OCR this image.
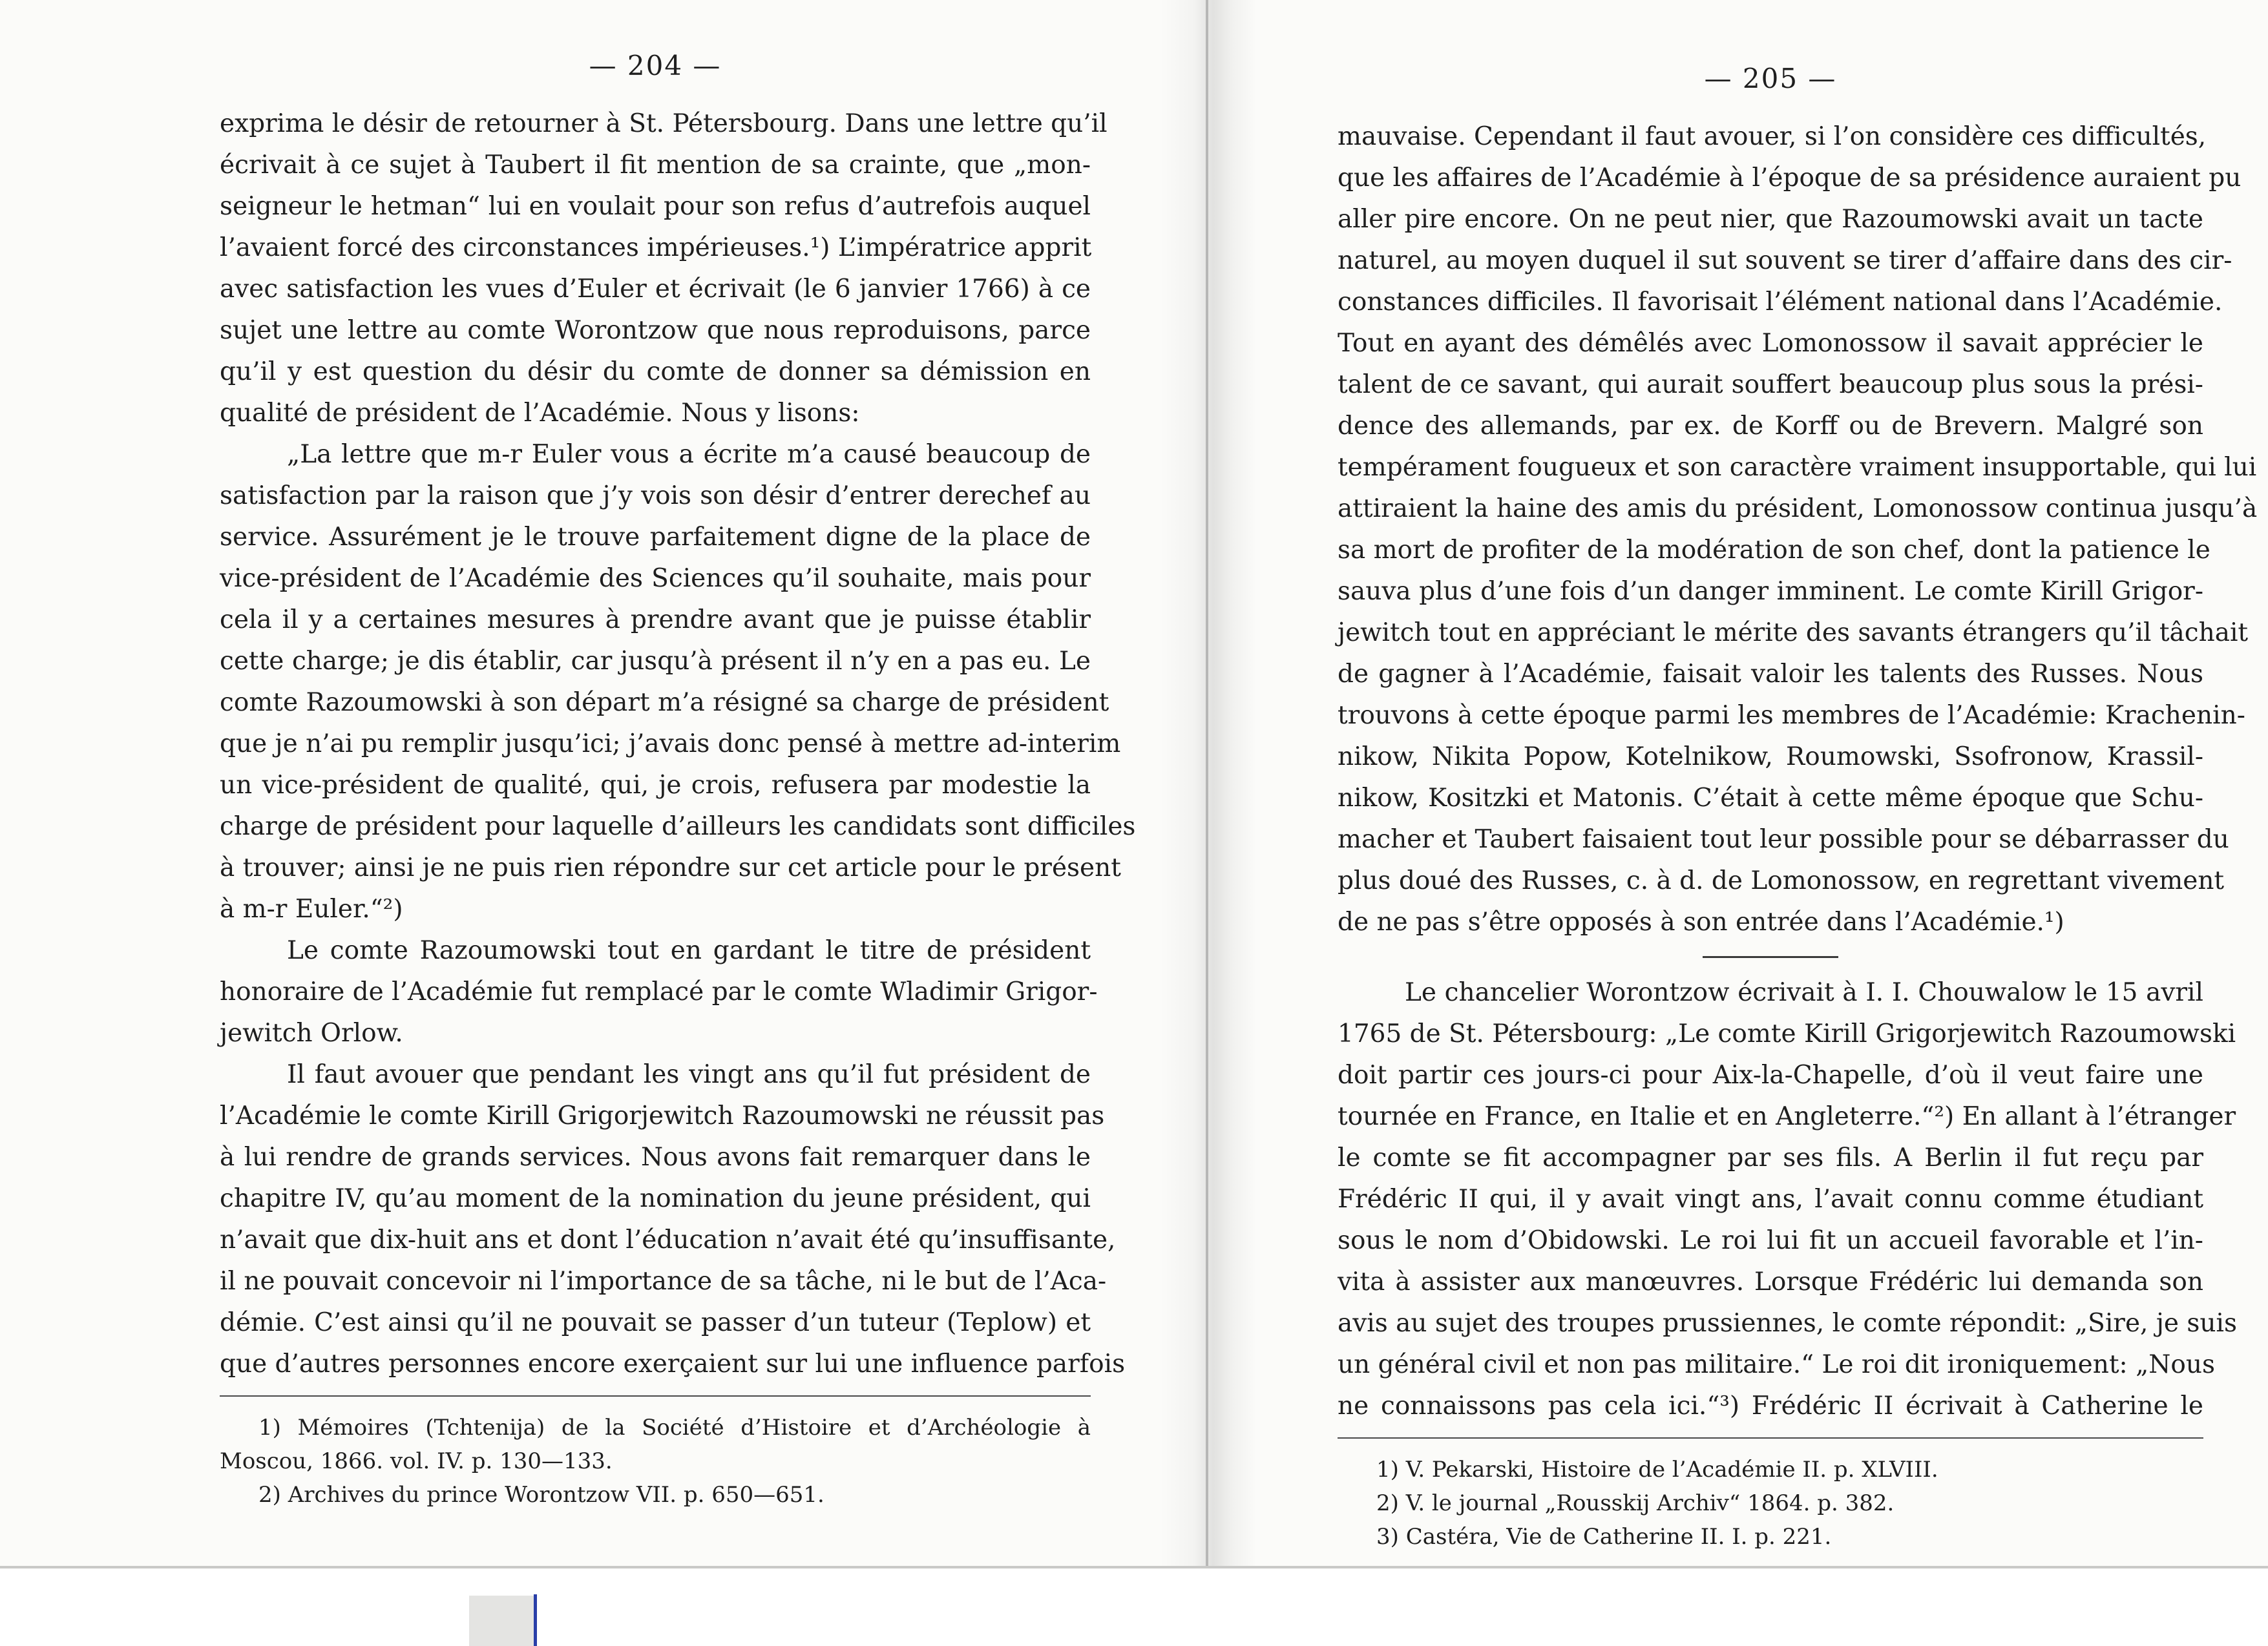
— 204 —
exprima le désir de retourner à St. Pétersbourg. Dans une lettre qu’il
écrivait à ce sujet à Taubert il fit mention de sa crainte, que „mon-
seigneur le hetman“ lui en voulait pour son refus d’autrefois auquel
l’avaient forcé des circonstances impérieuses.¹) L’impératrice apprit
avec satisfaction les vues d’Euler et écrivait (le 6 janvier 1766) à ce
sujet une lettre au comte Worontzow que nous reproduisons, parce
qu’il y est question du désir du comte de donner sa démission en
qualité de président de l’Académie. Nous y lisons:
„La lettre que m-r Euler vous a écrite m’a causé beaucoup de
satisfaction par la raison que j’y vois son désir d’entrer derechef au
service. Assurément je le trouve parfaitement digne de la place de
vice-président de l’Académie des Sciences qu’il souhaite, mais pour
cela il y a certaines mesures à prendre avant que je puisse établir
cette charge; je dis établir, car jusqu’à présent il n’y en a pas eu. Le
comte Razoumowski à son départ m’a résigné sa charge de président
que je n’ai pu remplir jusqu’ici; j’avais donc pensé à mettre ad-interim
un vice-président de qualité, qui, je crois, refusera par modestie la
charge de président pour laquelle d’ailleurs les candidats sont difficiles
à trouver; ainsi je ne puis rien répondre sur cet article pour le présent
à m-r Euler.“²)
Le comte Razoumowski tout en gardant le titre de président
honoraire de l’Académie fut remplacé par le comte Wladimir Grigor-
jewitch Orlow.
Il faut avouer que pendant les vingt ans qu’il fut président de
l’Académie le comte Kirill Grigorjewitch Razoumowski ne réussit pas
à lui rendre de grands services. Nous avons fait remarquer dans le
chapitre IV, qu’au moment de la nomination du jeune président, qui
n’avait que dix-huit ans et dont l’éducation n’avait été qu’insuffisante,
il ne pouvait concevoir ni l’importance de sa tâche, ni le but de l’Aca-
démie. C’est ainsi qu’il ne pouvait se passer d’un tuteur (Teplow) et
que d’autres personnes encore exerçaient sur lui une influence parfois
1) Mémoires (Tchtenija) de la Société d’Histoire et d’Archéologie à
Moscou, 1866. vol. IV. p. 130—133.
2) Archives du prince Worontzow VII. p. 650—651.
— 205 —
mauvaise. Cependant il faut avouer, si l’on considère ces difficultés,
que les affaires de l’Académie à l’époque de sa présidence auraient pu
aller pire encore. On ne peut nier, que Razoumowski avait un tacte
naturel, au moyen duquel il sut souvent se tirer d’affaire dans des cir-
constances difficiles. Il favorisait l’élément national dans l’Académie.
Tout en ayant des démêlés avec Lomonossow il savait apprécier le
talent de ce savant, qui aurait souffert beaucoup plus sous la prési-
dence des allemands, par ex. de Korff ou de Brevern. Malgré son
tempérament fougueux et son caractère vraiment insupportable, qui lui
attiraient la haine des amis du président, Lomonossow continua jusqu’à
sa mort de profiter de la modération de son chef, dont la patience le
sauva plus d’une fois d’un danger imminent. Le comte Kirill Grigor-
jewitch tout en appréciant le mérite des savants étrangers qu’il tâchait
de gagner à l’Académie, faisait valoir les talents des Russes. Nous
trouvons à cette époque parmi les membres de l’Académie: Krachenin-
nikow, Nikita Popow, Kotelnikow, Roumowski, Ssofronow, Krassil-
nikow, Kositzki et Matonis. C’était à cette même époque que Schu-
macher et Taubert faisaient tout leur possible pour se débarrasser du
plus doué des Russes, c. à d. de Lomonossow, en regrettant vivement
de ne pas s’être opposés à son entrée dans l’Académie.¹)
Le chancelier Worontzow écrivait à I. I. Chouwalow le 15 avril
1765 de St. Pétersbourg: „Le comte Kirill Grigorjewitch Razoumowski
doit partir ces jours-ci pour Aix-la-Chapelle, d’où il veut faire une
tournée en France, en Italie et en Angleterre.“²) En allant à l’étranger
le comte se fit accompagner par ses fils. A Berlin il fut reçu par
Frédéric II qui, il y avait vingt ans, l’avait connu comme étudiant
sous le nom d’Obidowski. Le roi lui fit un accueil favorable et l’in-
vita à assister aux manœuvres. Lorsque Frédéric lui demanda son
avis au sujet des troupes prussiennes, le comte répondit: „Sire, je suis
un général civil et non pas militaire.“ Le roi dit ironiquement: „Nous
ne connaissons pas cela ici.“³) Frédéric II écrivait à Catherine le
1) V. Pekarski, Histoire de l’Académie II. p. XLVIII.
2) V. le journal „Rousskij Archiv“ 1864. p. 382.
3) Castéra, Vie de Catherine II. I. p. 221.
